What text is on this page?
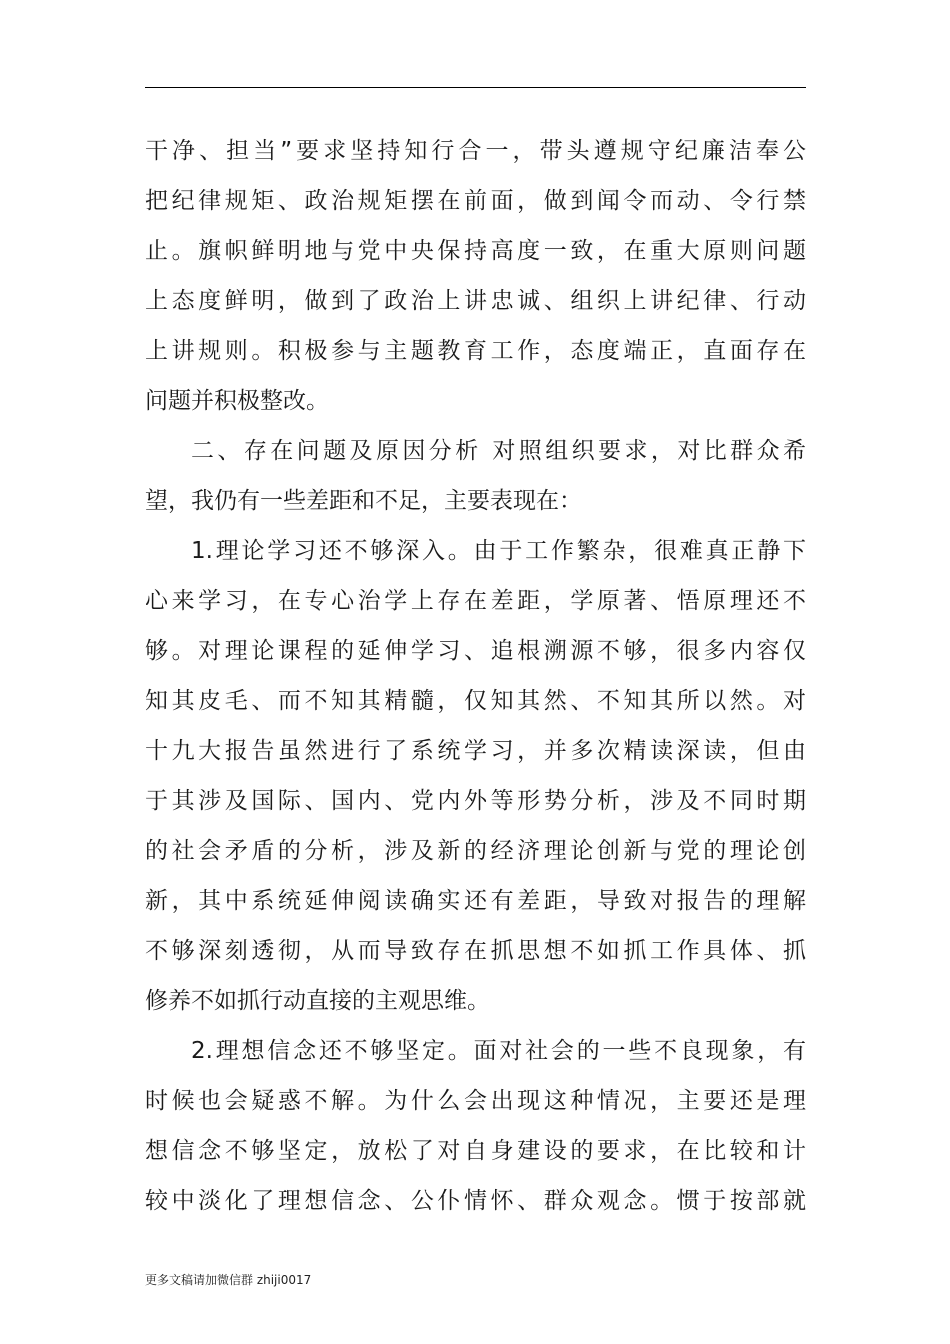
干净、担当”要求坚持知行合一，带头遵规守纪廉洁奉公
把纪律规矩、政治规矩摆在前面，做到闻令而动、令行禁
止。旗帜鲜明地与党中央保持高度一致，在重大原则问题
上态度鲜明，做到了政治上讲忠诚、组织上讲纪律、行动
上讲规则。积极参与主题教育工作，态度端正，直面存在
问题并积极整改。
二、存在问题及原因分析 对照组织要求，对比群众希
望，我仍有一些差距和不足，主要表现在：
1.理论学习还不够深入。由于工作繁杂，很难真正静下
心来学习，在专心治学上存在差距，学原著、悟原理还不
够。对理论课程的延伸学习、追根溯源不够，很多内容仅
知其皮毛、而不知其精髓，仅知其然、不知其所以然。对
十九大报告虽然进行了系统学习，并多次精读深读，但由
于其涉及国际、国内、党内外等形势分析，涉及不同时期
的社会矛盾的分析，涉及新的经济理论创新与党的理论创
新，其中系统延伸阅读确实还有差距，导致对报告的理解
不够深刻透彻，从而导致存在抓思想不如抓工作具体、抓
修养不如抓行动直接的主观思维。
2.理想信念还不够坚定。面对社会的一些不良现象，有
时候也会疑惑不解。为什么会出现这种情况，主要还是理
想信念不够坚定，放松了对自身建设的要求，在比较和计
较中淡化了理想信念、公仆情怀、群众观念。惯于按部就
更多文稿请加微信群 zhiji0017
